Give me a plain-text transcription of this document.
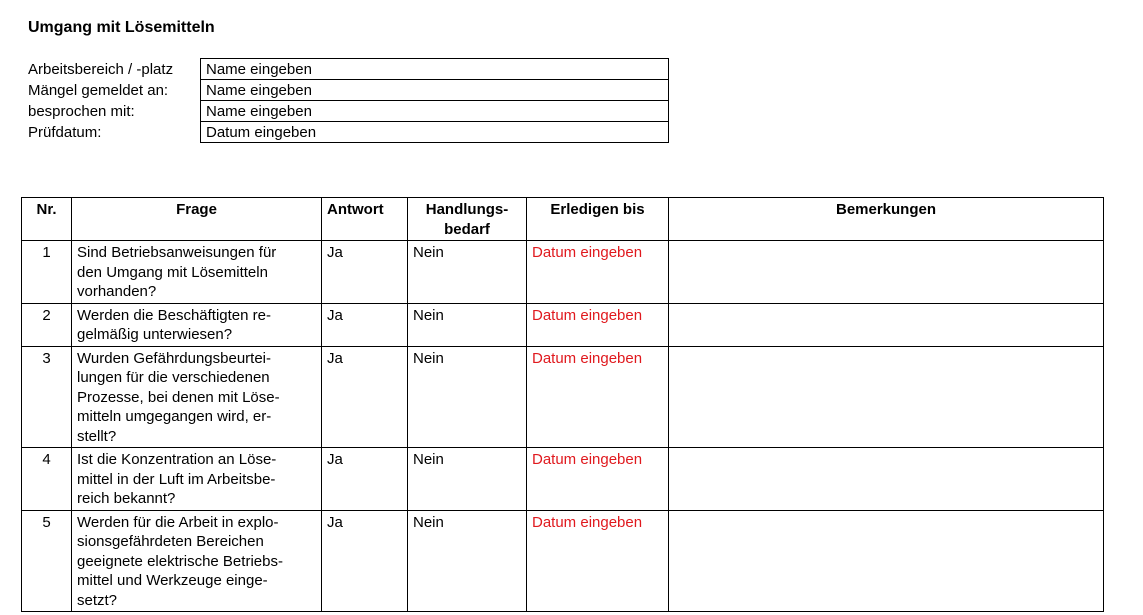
Umgang mit Lösemitteln
Arbeitsbereich / -platz	Name eingeben
Mängel gemeldet an:	Name eingeben
besprochen mit:	Name eingeben
Prüfdatum:	Datum eingeben
Nr.	Frage	Antwort	Handlungs-
bedarf	Erledigen bis	Bemerkungen
1	Sind Betriebsanweisungen für
den Umgang mit Lösemitteln
vorhanden?	Ja	Nein	Datum eingeben	
2	Werden die Beschäftigten re-
gelmäßig unterwiesen?	Ja	Nein	Datum eingeben	
3	Wurden Gefährdungsbeurtei-
lungen für die verschiedenen
Prozesse, bei denen mit Löse-
mitteln umgegangen wird, er-
stellt?	Ja	Nein	Datum eingeben	
4	Ist die Konzentration an Löse-
mittel in der Luft im Arbeitsbe-
reich bekannt?	Ja	Nein	Datum eingeben	
5	Werden für die Arbeit in explo-
sionsgefährdeten Bereichen
geeignete elektrische Betriebs-
mittel und Werkzeuge einge-
setzt?	Ja	Nein	Datum eingeben	
